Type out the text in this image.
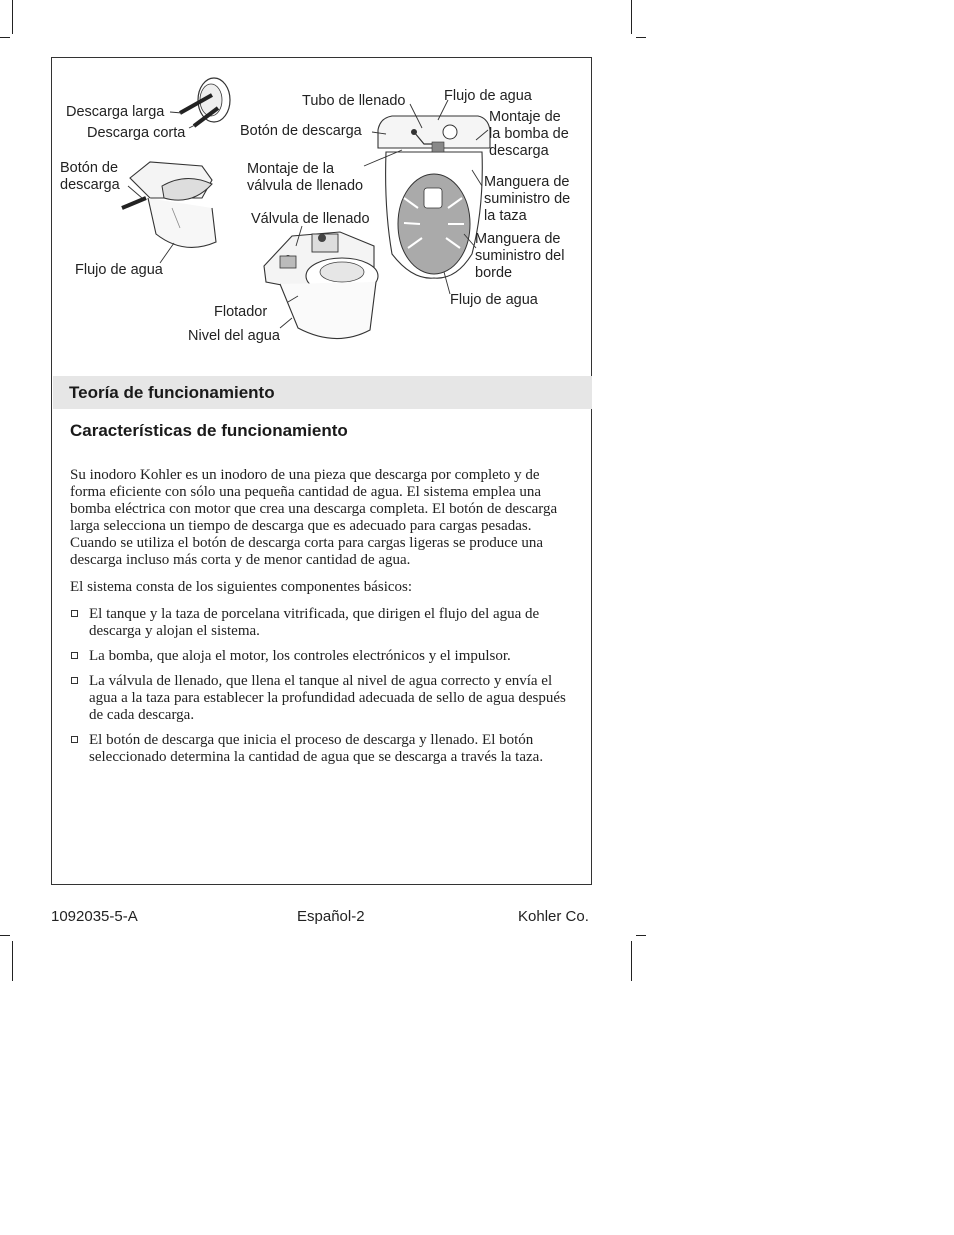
Descarga larga
Descarga corta
Botón de
descarga
Flujo de agua
Tubo de llenado	Flujo de agua
Botón de descarga
Montaje de
la bomba de
descarga
Montaje de la
válvula de llenado	Manguera de
suministro de
la taza
Válvula de llenado
Manguera de
suministro del
borde
Flujo de agua
Flotador
Nivel del agua
Teoría de funcionamiento
Características de funcionamiento

Su inodoro Kohler es un inodoro de una pieza que descarga por completo y de forma eficiente con sólo una pequeña cantidad de agua. El sistema emplea una bomba eléctrica con motor que crea una descarga completa. El botón de descarga larga selecciona un tiempo de descarga que es adecuado para cargas pesadas. Cuando se utiliza el botón de descarga corta para cargas ligeras se produce una descarga incluso más corta y de menor cantidad de agua.

El sistema consta de los siguientes componentes básicos:

El tanque y la taza de porcelana vitrificada, que dirigen el flujo del agua de descarga y alojan el sistema.
La bomba, que aloja el motor, los controles electrónicos y el impulsor.
La válvula de llenado, que llena el tanque al nivel de agua correcto y envía el agua a la taza para establecer la profundidad adecuada de sello de agua después de cada descarga.
El botón de descarga que inicia el proceso de descarga y llenado. El botón seleccionado determina la cantidad de agua que se descarga a través la taza.
1092035-5-A	Español-2	Kohler Co.
